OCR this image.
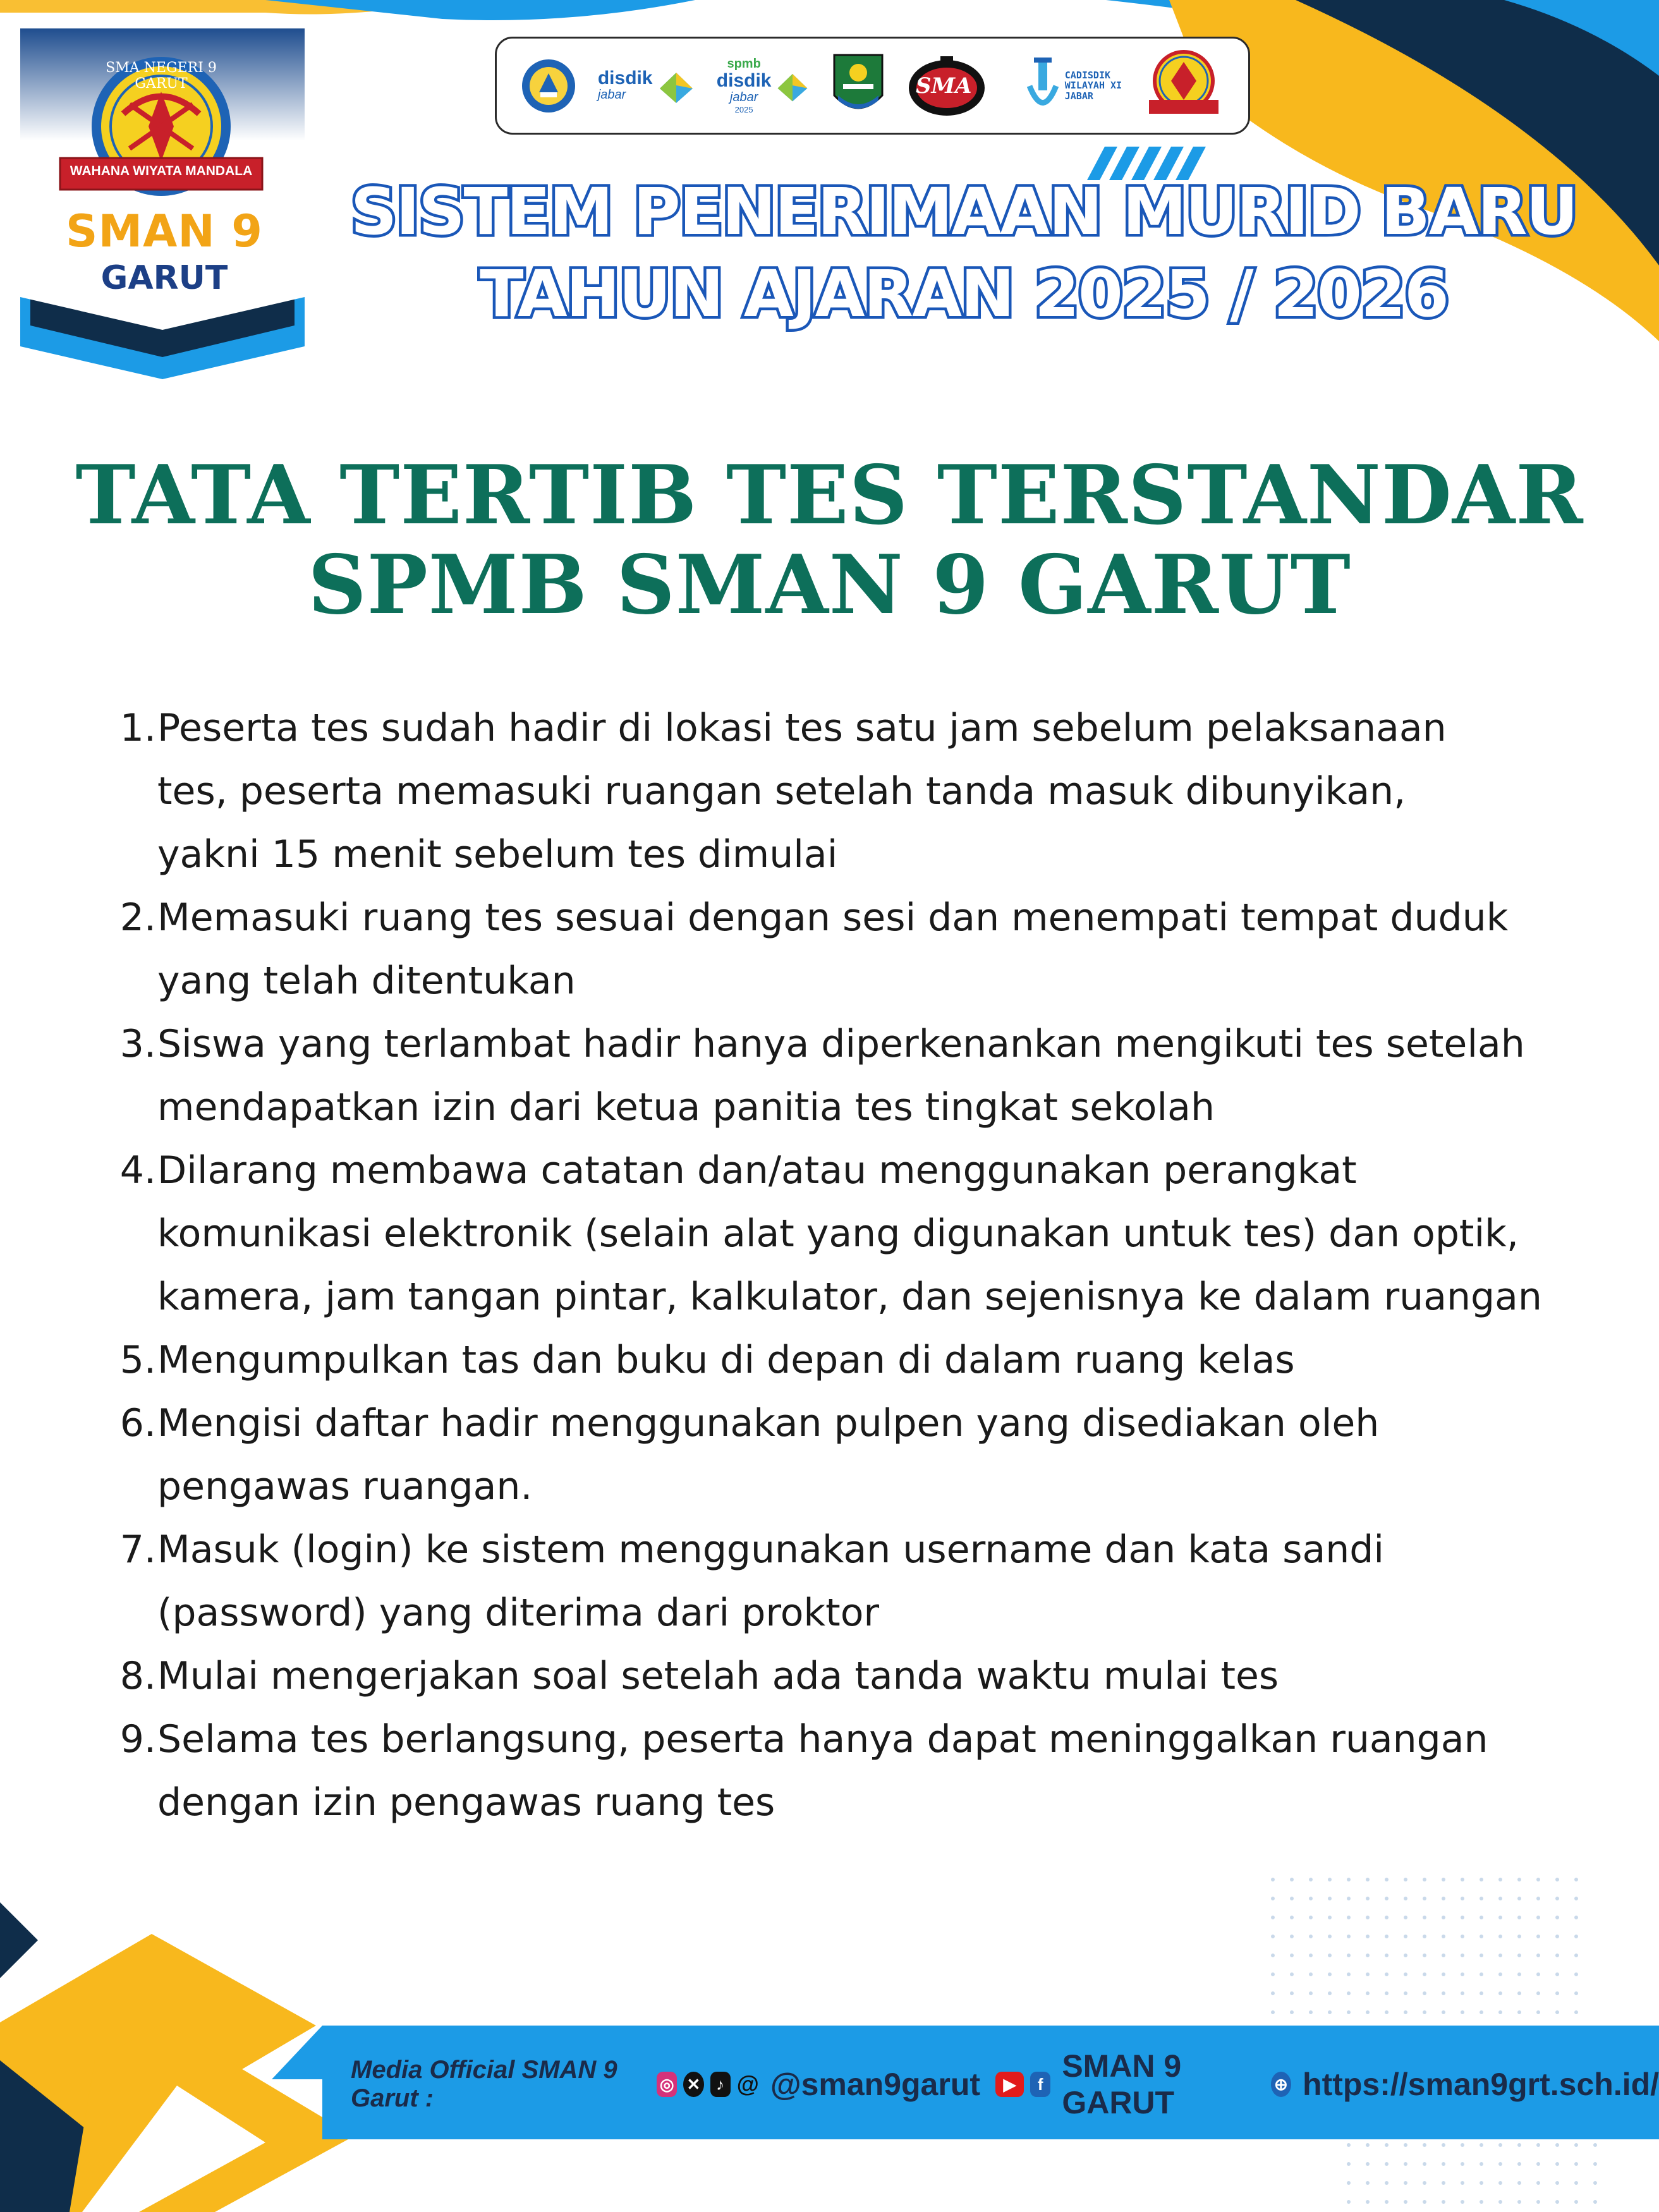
disdik
jabar
spmb
disdik
jabar
2025
SMA	CADISDIK
WILAYAH XI
JABAR
WAHANA WIYATA MANDALA
SMA NEGERI 9 GARUT
SMAN 9
GARUT
SISTEM PENERIMAAN MURID BARU
TAHUN AJARAN 2025 / 2026
TATA TERTIB TES TERSTANDAR
SPMB SMAN 9 GARUT
1. Peserta tes sudah hadir di lokasi tes satu jam sebelum pelaksanaan
tes, peserta memasuki ruangan setelah tanda masuk dibunyikan,
yakni 15 menit sebelum tes dimulai
2. Memasuki ruang tes sesuai dengan sesi dan menempati tempat duduk
yang telah ditentukan
3. Siswa yang terlambat hadir hanya diperkenankan mengikuti tes setelah
mendapatkan izin dari ketua panitia tes tingkat sekolah
4. Dilarang membawa catatan dan/atau menggunakan perangkat
komunikasi elektronik (selain alat yang digunakan untuk tes) dan optik,
kamera, jam tangan pintar, kalkulator, dan sejenisnya ke dalam ruangan
5. Mengumpulkan tas dan buku di depan di dalam ruang kelas
6. Mengisi daftar hadir menggunakan pulpen yang disediakan oleh
pengawas ruangan.
7. Masuk (login) ke sistem menggunakan username dan kata sandi
(password) yang diterima dari proktor
8. Mulai mengerjakan soal setelah ada tanda waktu mulai tes
9. Selama tes berlangsung, peserta hanya dapat meninggalkan ruangan
dengan izin pengawas ruang tes
Media Official SMAN 9 Garut :
◎ ✕ ♪ @ @sman9garut	▶	f
SMAN 9 GARUT
⊕ https://sman9grt.sch.id/
